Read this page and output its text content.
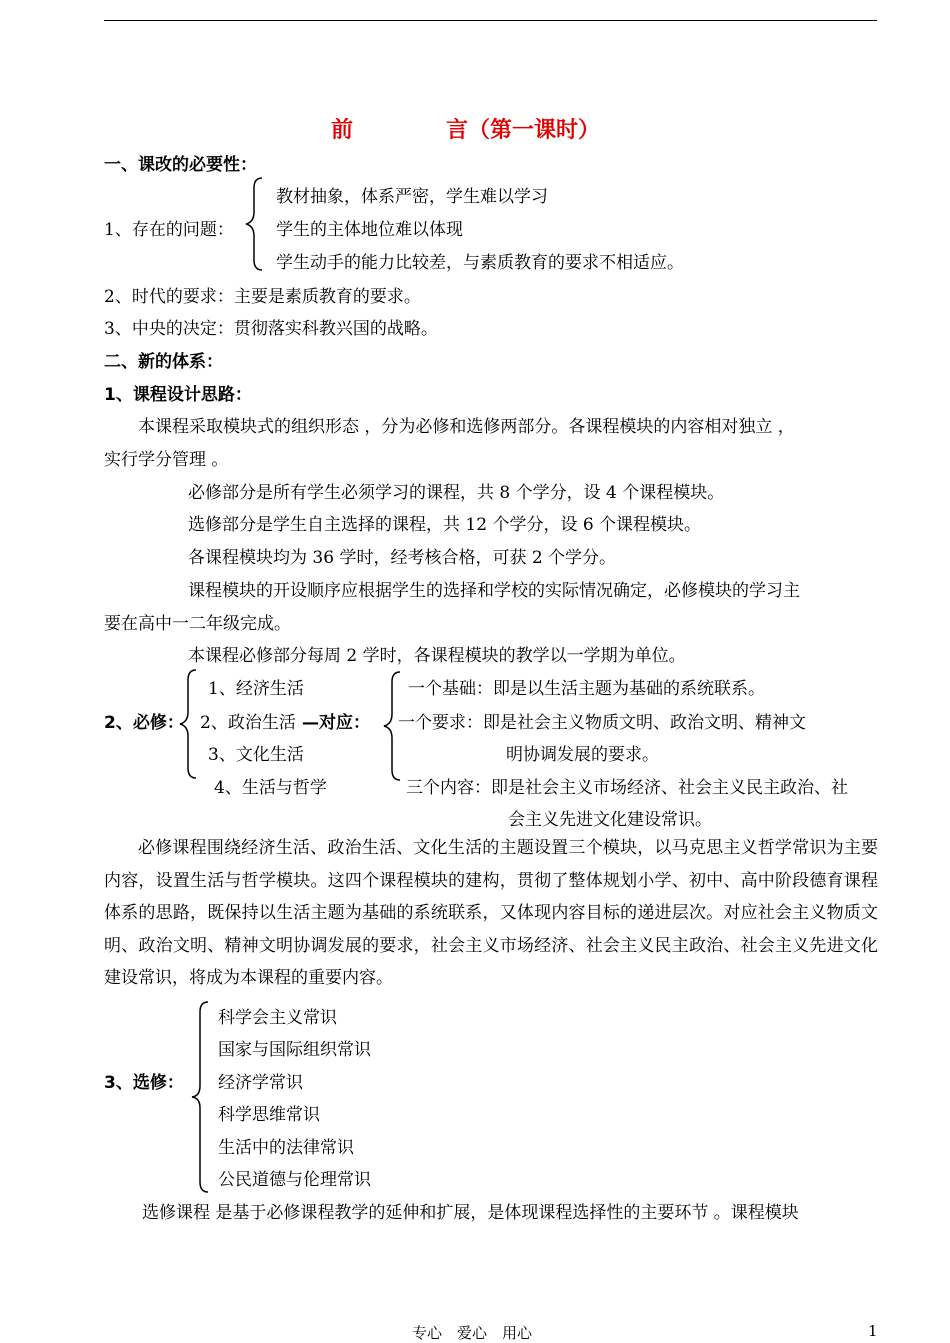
前	言（第一课时）
一、课改的必要性：
1、存在的问题：
教材抽象，体系严密，学生难以学习
学生的主体地位难以体现
学生动手的能力比较差，与素质教育的要求不相适应。
2、时代的要求：主要是素质教育的要求。
3、中央的决定：贯彻落实科教兴国的战略。
二、新的体系：
1、课程设计思路：
本课程采取模块式的组织形态 ，分为必修和选修两部分。各课程模块的内容相对独立 ，
实行学分管理 。
必修部分是所有学生必须学习的课程，共 8 个学分，设 4 个课程模块。
选修部分是学生自主选择的课程，共 12 个学分，设 6 个课程模块。
各课程模块均为 36 学时，经考核合格，可获 2 个学分。
课程模块的开设顺序应根据学生的选择和学校的实际情况确定，必修模块的学习主
要在高中一二年级完成。
本课程必修部分每周 2 学时，各课程模块的教学以一学期为单位。
2、必修：
1、经济生活
2、政治生活
3、文化生活
4、生活与哲学
—对应：
一个基础：即是以生活主题为基础的系统联系。
一个要求：即是社会主义物质文明、政治文明、精神文
明协调发展的要求。
三个内容：即是社会主义市场经济、社会主义民主政治、社
会主义先进文化建设常识。
必修课程围绕经济生活、政治生活、文化生活的主题设置三个模块，以马克思主义哲学常识为主要内容，设置生活与哲学模块。这四个课程模块的建构，贯彻了整体规划小学、初中、高中阶段德育课程体系的思路，既保持以生活主题为基础的系统联系，又体现内容目标的递进层次。对应社会主义物质文明、政治文明、精神文明协调发展的要求，社会主义市场经济、社会主义民主政治、社会主义先进文化建设常识，将成为本课程的重要内容。
3、选修：
科学会主义常识
国家与国际组织常识
经济学常识
科学思维常识
生活中的法律常识
公民道德与伦理常识
选修课程 是基于必修课程教学的延伸和扩展，是体现课程选择性的主要环节 。课程模块
专心　爱心　用心	1
